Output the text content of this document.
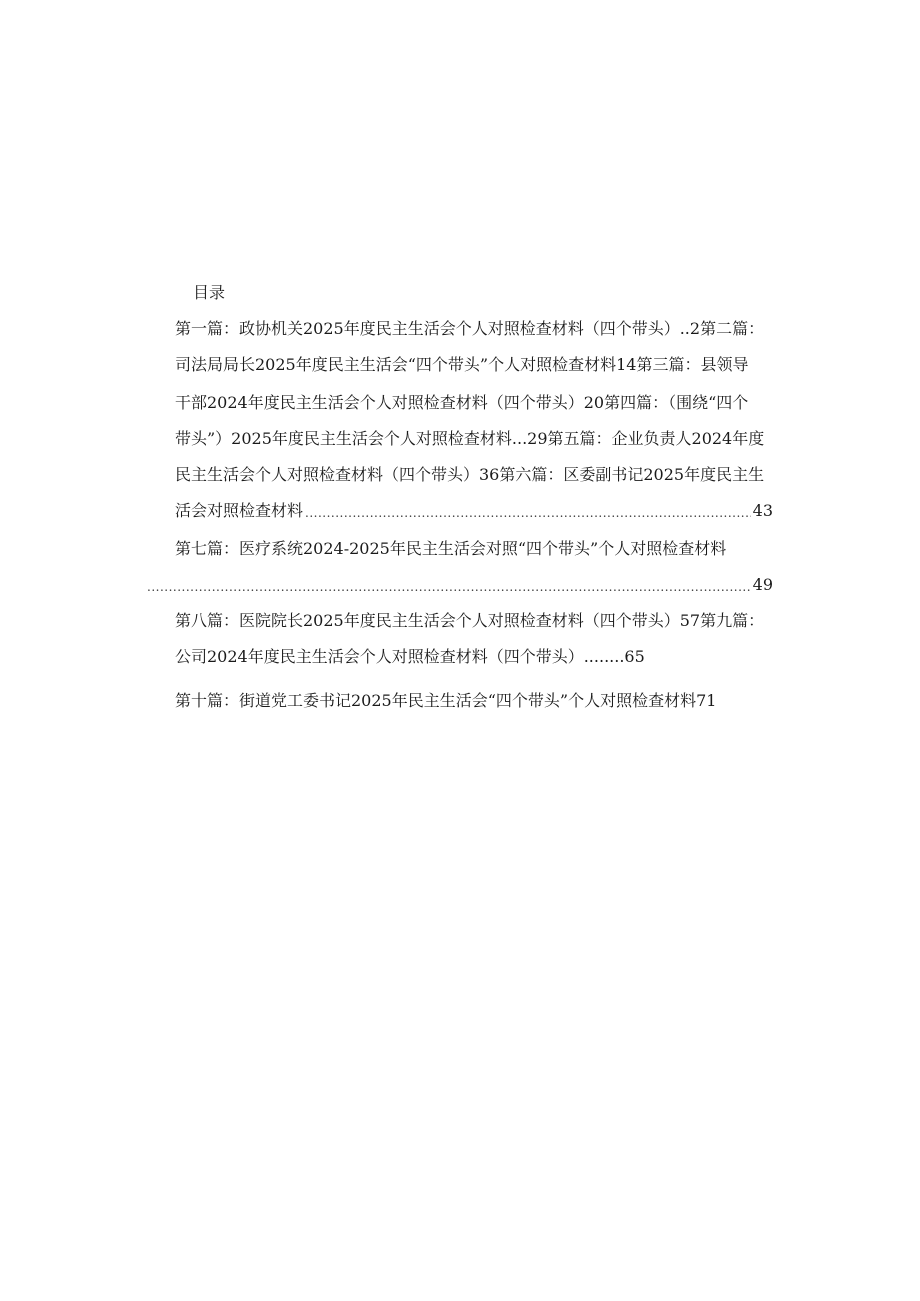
目录
第一篇：政协机关2025年度民主生活会个人对照检查材料（四个带头）..2第二篇：
司法局局长2025年度民主生活会“四个带头”个人对照检查材料14第三篇：县领导
干部2024年度民主生活会个人对照检查材料（四个带头）20第四篇：（围绕“四个
带头”）2025年度民主生活会个人对照检查材料...29第五篇：企业负责人2024年度
民主生活会个人对照检查材料（四个带头）36第六篇：区委副书记2025年度民主生
活会对照检查材料
.....	43
第七篇：医疗系统2024-2025年民主生活会对照“四个带头”个人对照检查材料
.....
49
第八篇：医院院长2025年度民主生活会个人对照检查材料（四个带头）57第九篇：
公司2024年度民主生活会个人对照检查材料（四个带头）........65
第十篇：街道党工委书记2025年民主生活会“四个带头”个人对照检查材料71
